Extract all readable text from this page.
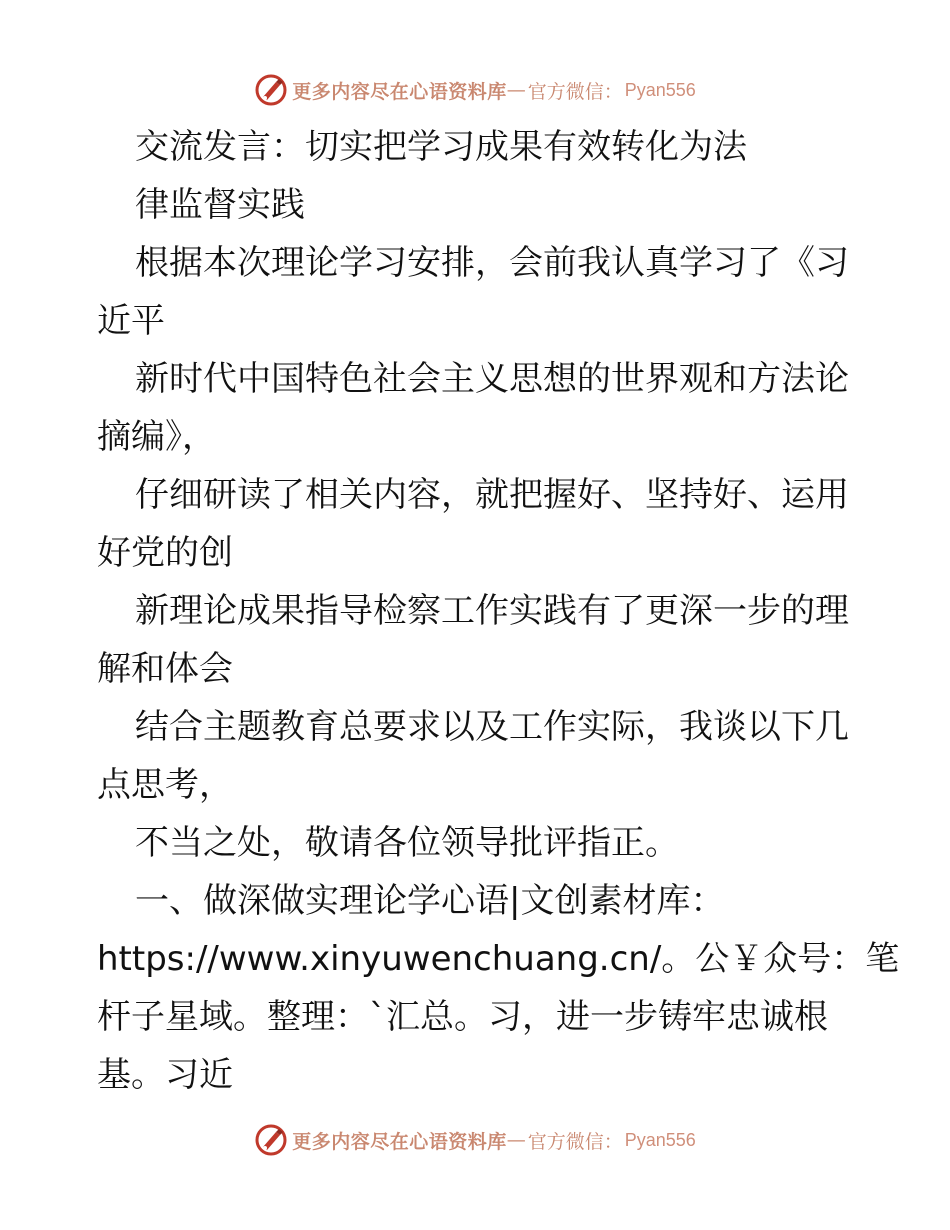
更多内容尽在心语资料库 — 官方微信： Pyan556
交流发言：切实把学习成果有效转化为法
律监督实践
根据本次理论学习安排，会前我认真学习了《习
近平
新时代中国特色社会主义思想的世界观和方法论
摘编》，
仔细研读了相关内容，就把握好、坚持好、运用
好党的创
新理论成果指导检察工作实践有了更深一步的理
解和体会
结合主题教育总要求以及工作实际，我谈以下几
点思考，
不当之处，敬请各位领导批评指正。
一、做深做实理论学心语|文创素材库：
https://www.xinyuwenchuang.cn/。公￥众号：笔
杆子星域。整理：`汇总。习，进一步铸牢忠诚根
基。习近
更多内容尽在心语资料库 — 官方微信： Pyan556
